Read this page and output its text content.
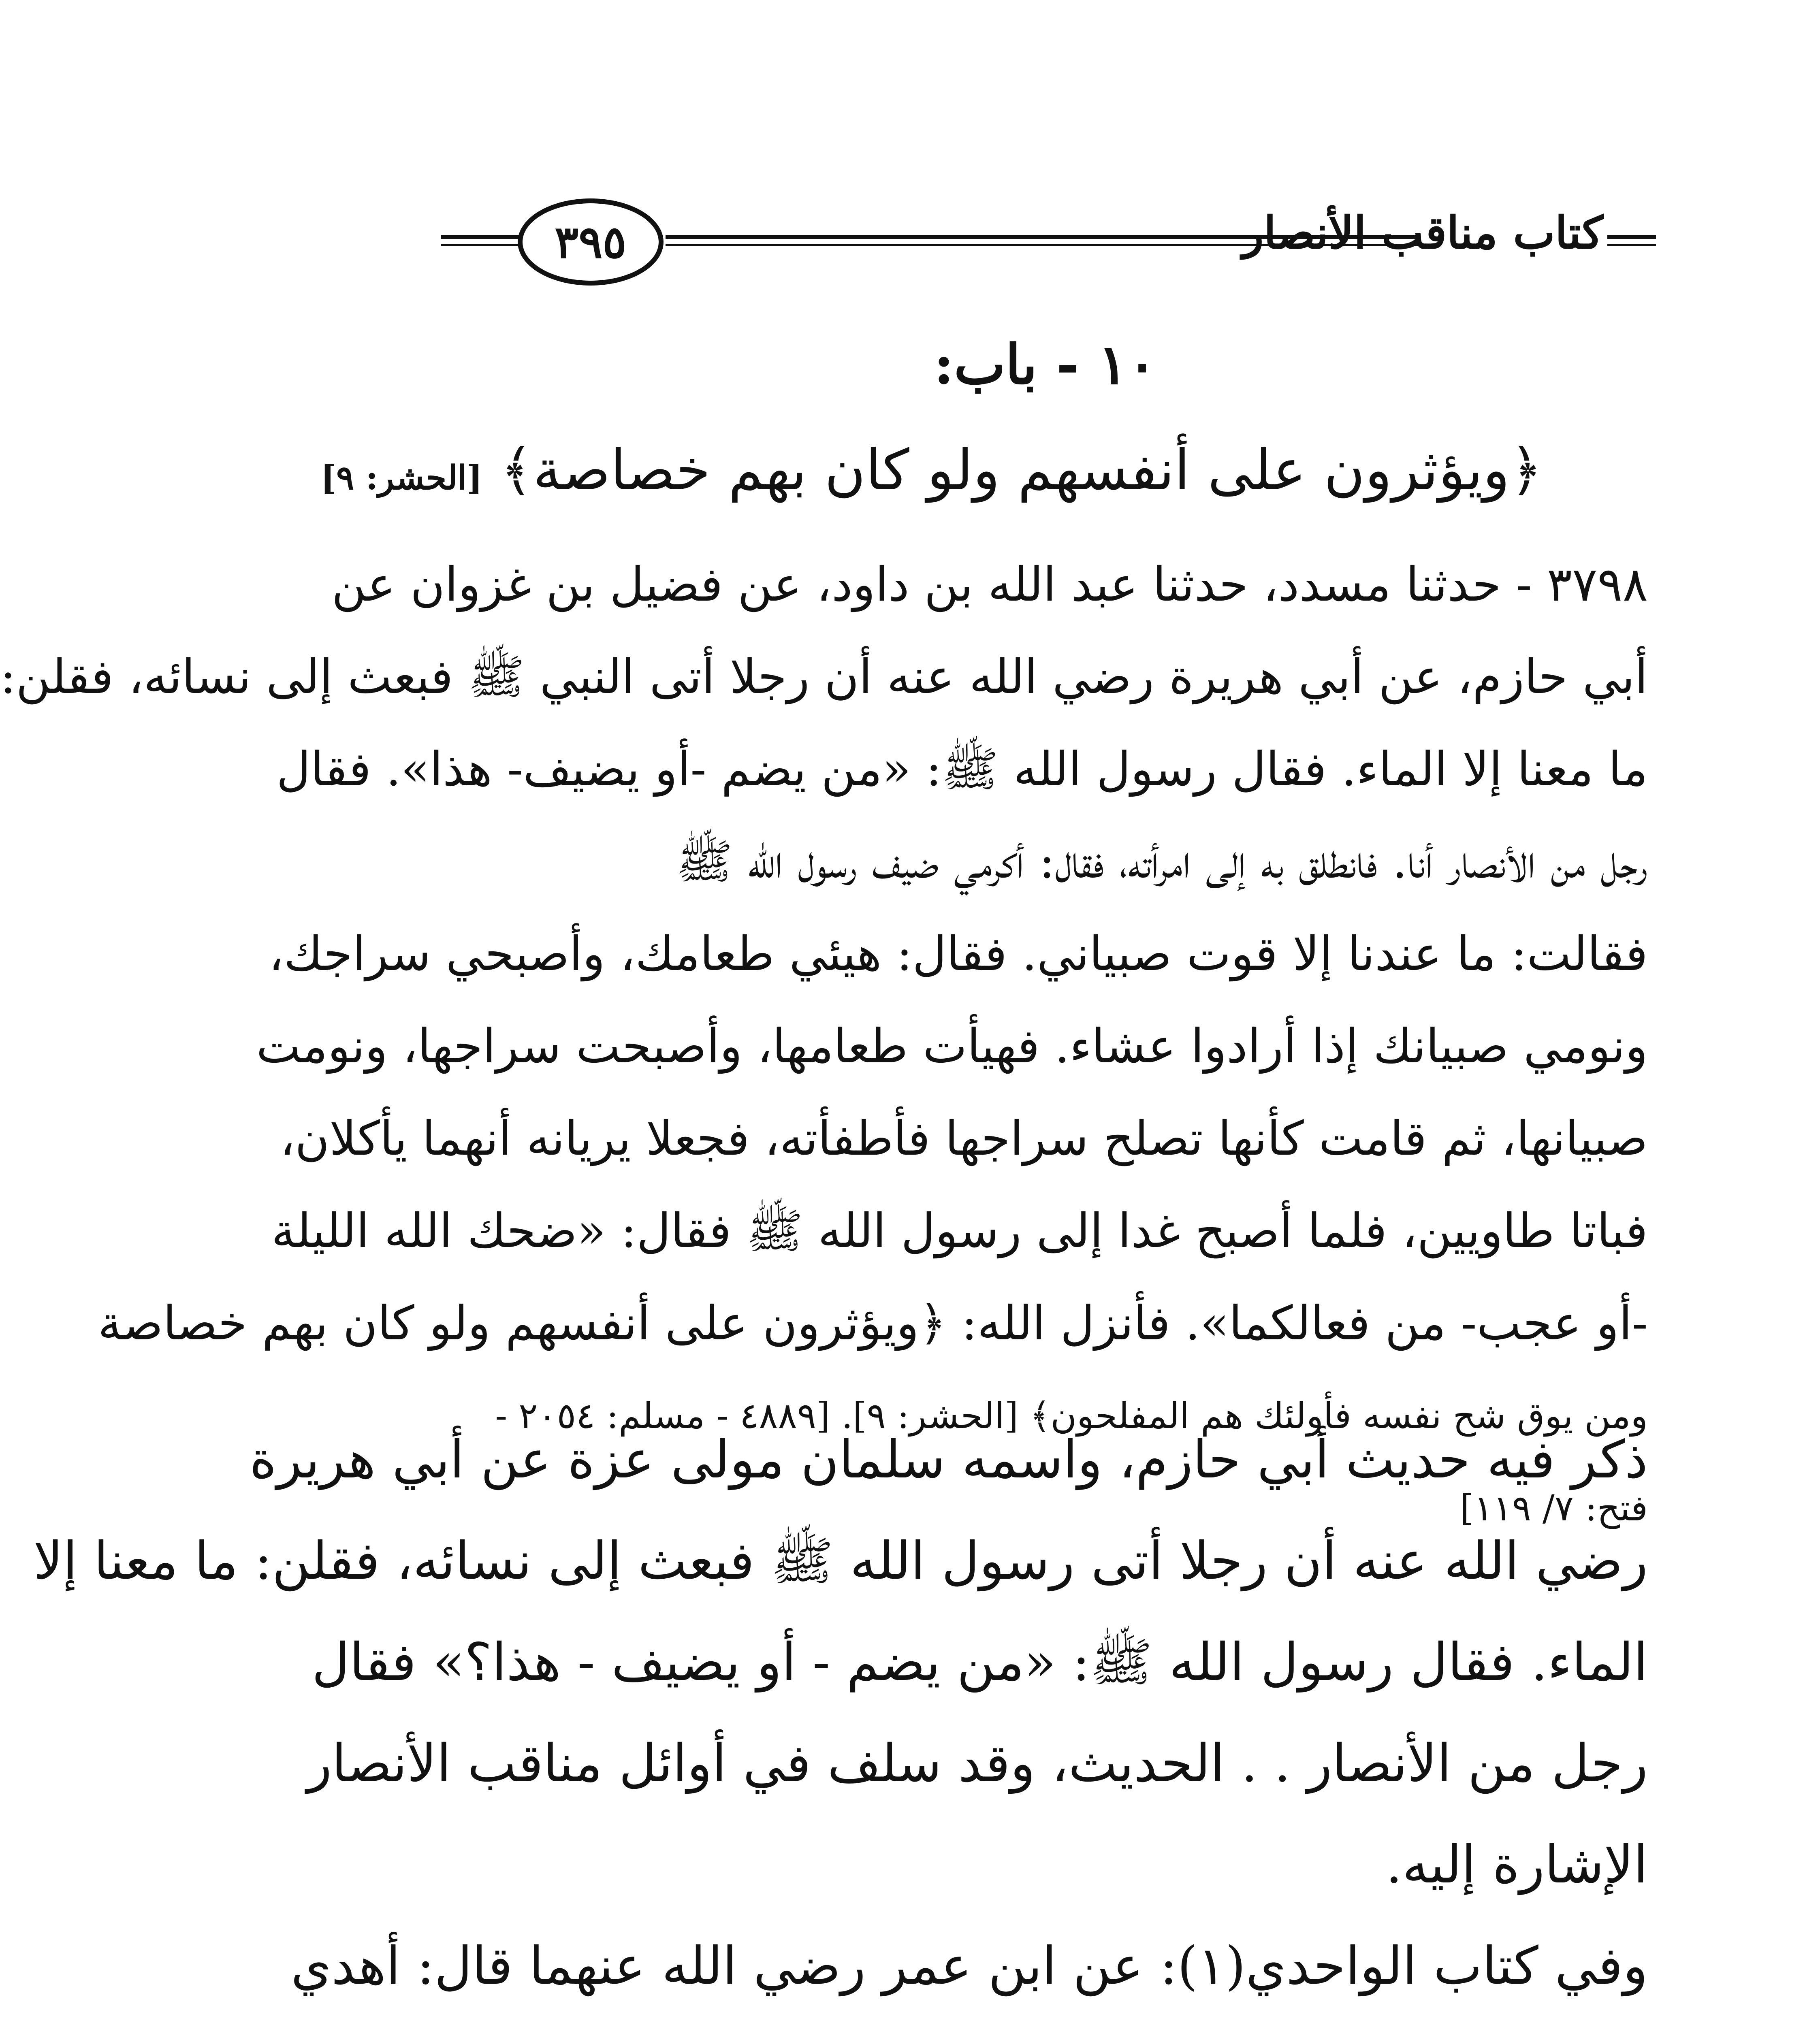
٣٩٥	كتاب مناقب الأنصار
١٠ - باب:
﴿ويؤثرون على أنفسهم ولو كان بهم خصاصة﴾ [الحشر: ٩]
٣٧٩٨ - حدثنا مسدد، حدثنا عبد الله بن داود، عن فضيل بن غزوان عن
أبي حازم، عن أبي هريرة رضي الله عنه أن رجلا أتى النبي ﷺ فبعث إلى نسائه، فقلن:
ما معنا إلا الماء. فقال رسول الله ﷺ: «من يضم -أو يضيف- هذا». فقال
رجل من الأنصار أنا. فانطلق به إلى امرأته، فقال: أكرمي ضيف رسول الله ﷺ
فقالت: ما عندنا إلا قوت صبياني. فقال: هيئي طعامك، وأصبحي سراجك،
ونومي صبيانك إذا أرادوا عشاء. فهيأت طعامها، وأصبحت سراجها، ونومت
صبيانها، ثم قامت كأنها تصلح سراجها فأطفأته، فجعلا يريانه أنهما يأكلان،
فباتا طاويين، فلما أصبح غدا إلى رسول الله ﷺ فقال: «ضحك الله الليلة
-أو عجب- من فعالكما». فأنزل الله: ﴿ويؤثرون على أنفسهم ولو كان بهم خصاصة
ومن يوق شح نفسه فأولئك هم المفلحون﴾ [الحشر: ٩]. [٤٨٨٩ - مسلم: ٢٠٥٤ -
فتح: ٧/ ١١٩]
ذكر فيه حديث أبي حازم، واسمه سلمان مولى عزة عن أبي هريرة
رضي الله عنه أن رجلا أتى رسول الله ﷺ فبعث إلى نسائه، فقلن: ما معنا إلا
الماء. فقال رسول الله ﷺ: «من يضم - أو يضيف - هذا؟» فقال
رجل من الأنصار . . الحديث، وقد سلف في أوائل مناقب الأنصار
الإشارة إليه.
وفي كتاب الواحدي(١): عن ابن عمر رضي الله عنهما قال: أهدي
